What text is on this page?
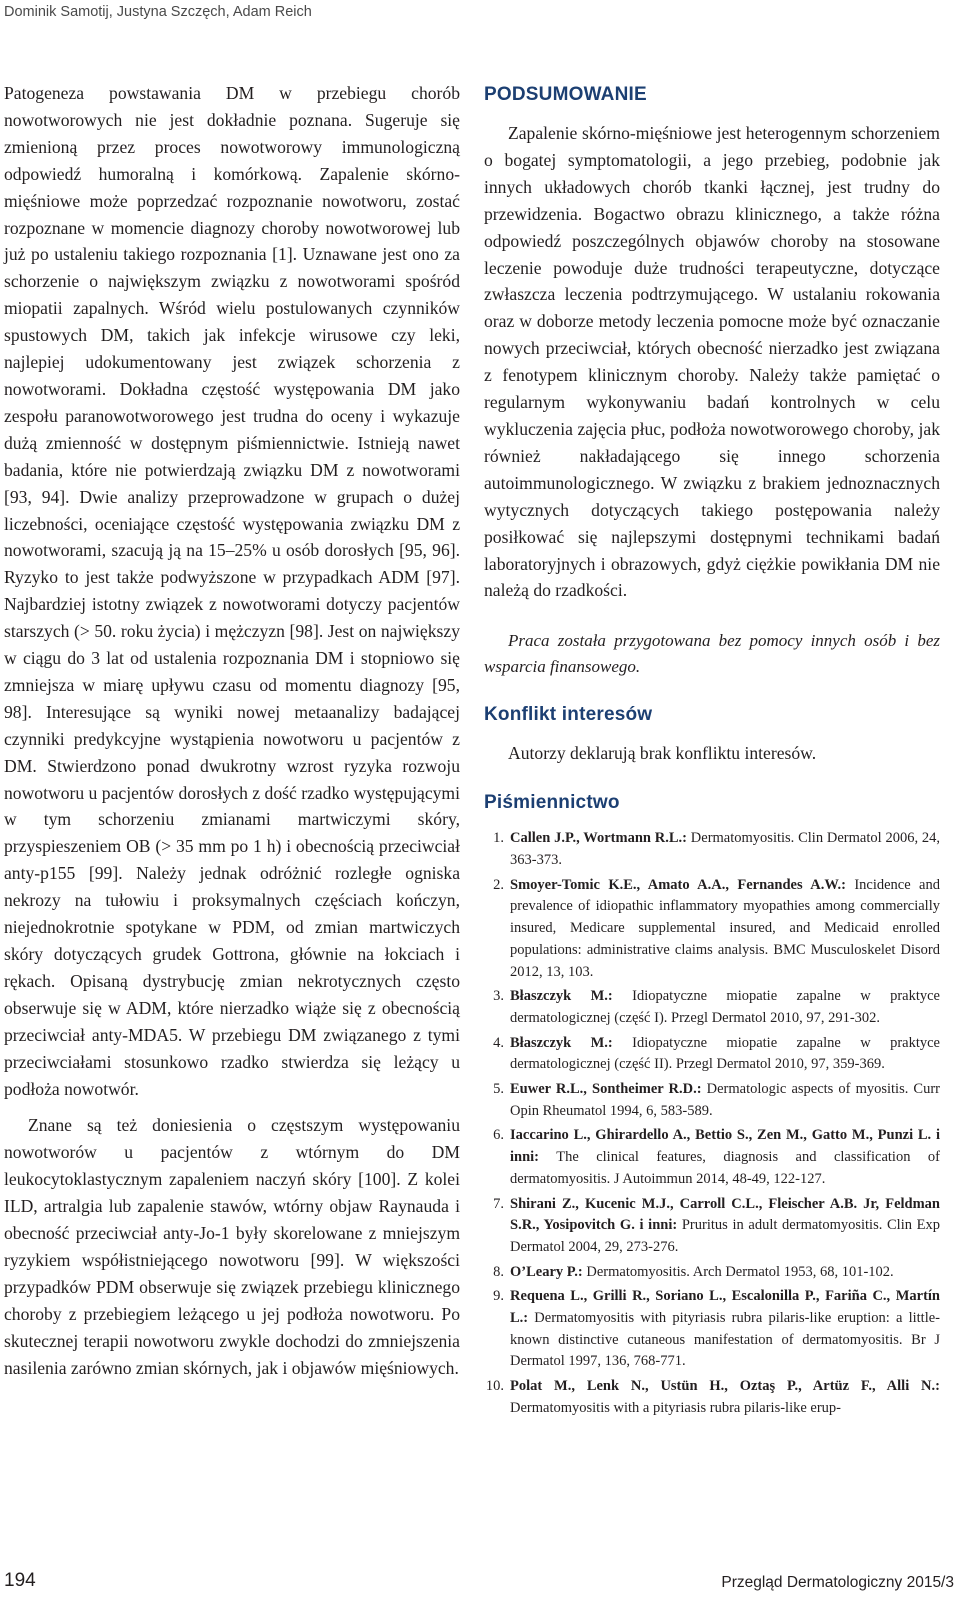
Dominik Samotij, Justyna Szczęch, Adam Reich

Patogeneza powstawania DM w przebiegu chorób nowotworowych nie jest dokładnie poznana. Sugeruje się zmienioną przez proces nowotworowy immunologiczną odpowiedź humoralną i komórkową. Zapalenie skórno-mięśniowe może poprzedzać rozpoznanie nowotworu, zostać rozpoznane w momencie diagnozy choroby nowotworowej lub już po ustaleniu takiego rozpoznania [1]. Uznawane jest ono za schorzenie o największym związku z nowotworami spośród miopatii zapalnych. Wśród wielu postulowanych czynników spustowych DM, takich jak infekcje wirusowe czy leki, najlepiej udokumentowany jest związek schorzenia z nowotworami. Dokładna częstość występowania DM jako zespołu paranowotworowego jest trudna do oceny i wykazuje dużą zmienność w dostępnym piśmiennictwie. Istnieją nawet badania, które nie potwierdzają związku DM z nowotworami [93, 94]. Dwie analizy przeprowadzone w grupach o dużej liczebności, oceniające częstość występowania związku DM z nowotworami, szacują ją na 15–25% u osób dorosłych [95, 96]. Ryzyko to jest także podwyższone w przypadkach ADM [97]. Najbardziej istotny związek z nowotworami dotyczy pacjentów starszych (> 50. roku życia) i mężczyzn [98]. Jest on największy w ciągu do 3 lat od ustalenia rozpoznania DM i stopniowo się zmniejsza w miarę upływu czasu od momentu diagnozy [95, 98]. Interesujące są wyniki nowej metaanalizy badającej czynniki predykcyjne wystąpienia nowotworu u pacjentów z DM. Stwierdzono ponad dwukrotny wzrost ryzyka rozwoju nowotworu u pacjentów dorosłych z dość rzadko występującymi w tym schorzeniu zmianami martwiczymi skóry, przyspieszeniem OB (> 35 mm po 1 h) i obecnością przeciwciał anty-p155 [99]. Należy jednak odróżnić rozległe ogniska nekrozy na tułowiu i proksymalnych częściach kończyn, niejednokrotnie spotykane w PDM, od zmian martwiczych skóry dotyczących grudek Gottrona, głównie na łokciach i rękach. Opisaną dystrybucję zmian nekrotycznych często obserwuje się w ADM, które nierzadko wiąże się z obecnością przeciwciał anty-MDA5. W przebiegu DM związanego z tymi przeciwciałami stosunkowo rzadko stwierdza się leżący u podłoża nowotwór.

Znane są też doniesienia o częstszym występowaniu nowotworów u pacjentów z wtórnym do DM leukocytoklastycznym zapaleniem naczyń skóry [100]. Z kolei ILD, artralgia lub zapalenie stawów, wtórny objaw Raynauda i obecność przeciwciał anty-Jo-1 były skorelowane z mniejszym ryzykiem współistniejącego nowotworu [99]. W większości przypadków PDM obserwuje się związek przebiegu klinicznego choroby z przebiegiem leżącego u jej podłoża nowotworu. Po skutecznej terapii nowotworu zwykle dochodzi do zmniejszenia nasilenia zarówno zmian skórnych, jak i objawów mięśniowych.

PODSUMOWANIE

Zapalenie skórno-mięśniowe jest heterogennym schorzeniem o bogatej symptomatologii, a jego przebieg, podobnie jak innych układowych chorób tkanki łącznej, jest trudny do przewidzenia. Bogactwo obrazu klinicznego, a także różna odpowiedź poszczególnych objawów choroby na stosowane leczenie powoduje duże trudności terapeutyczne, dotyczące zwłaszcza leczenia podtrzymującego. W ustalaniu rokowania oraz w doborze metody leczenia pomocne może być oznaczanie nowych przeciwciał, których obecność nierzadko jest związana z fenotypem klinicznym choroby. Należy także pamiętać o regularnym wykonywaniu badań kontrolnych w celu wykluczenia zajęcia płuc, podłoża nowotworowego choroby, jak również nakładającego się innego schorzenia autoimmunologicznego. W związku z brakiem jednoznacznych wytycznych dotyczących takiego postępowania należy posiłkować się najlepszymi dostępnymi technikami badań laboratoryjnych i obrazowych, gdyż ciężkie powikłania DM nie należą do rzadkości.

Praca została przygotowana bez pomocy innych osób i bez wsparcia finansowego.

Konflikt interesów

Autorzy deklarują brak konfliktu interesów.

Piśmiennictwo
1. Callen J.P., Wortmann R.L.: Dermatomyositis. Clin Dermatol 2006, 24, 363-373.
2. Smoyer-Tomic K.E., Amato A.A., Fernandes A.W.: Incidence and prevalence of idiopathic inflammatory myopathies among commercially insured, Medicare supplemental insured, and Medicaid enrolled populations: administrative claims analysis. BMC Musculoskelet Disord 2012, 13, 103.
3. Błaszczyk M.: Idiopatyczne miopatie zapalne w praktyce dermatologicznej (część I). Przegl Dermatol 2010, 97, 291-302.
4. Błaszczyk M.: Idiopatyczne miopatie zapalne w praktyce dermatologicznej (część II). Przegl Dermatol 2010, 97, 359-369.
5. Euwer R.L., Sontheimer R.D.: Dermatologic aspects of myositis. Curr Opin Rheumatol 1994, 6, 583-589.
6. Iaccarino L., Ghirardello A., Bettio S., Zen M., Gatto M., Punzi L. i inni: The clinical features, diagnosis and classification of dermatomyositis. J Autoimmun 2014, 48-49, 122-127.
7. Shirani Z., Kucenic M.J., Carroll C.L., Fleischer A.B. Jr, Feldman S.R., Yosipovitch G. i inni: Pruritus in adult dermatomyositis. Clin Exp Dermatol 2004, 29, 273-276.
8. O’Leary P.: Dermatomyositis. Arch Dermatol 1953, 68, 101-102.
9. Requena L., Grilli R., Soriano L., Escalonilla P., Fariña C., Martín L.: Dermatomyositis with pityriasis rubra pilaris-like eruption: a little-known distinctive cutaneous manifestation of dermatomyositis. Br J Dermatol 1997, 136, 768-771.
10. Polat M., Lenk N., Ustün H., Oztaş P., Artüz F., Alli N.: Dermatomyositis with a pityriasis rubra pilaris-like erup-
194	Przegląd Dermatologiczny 2015/3
